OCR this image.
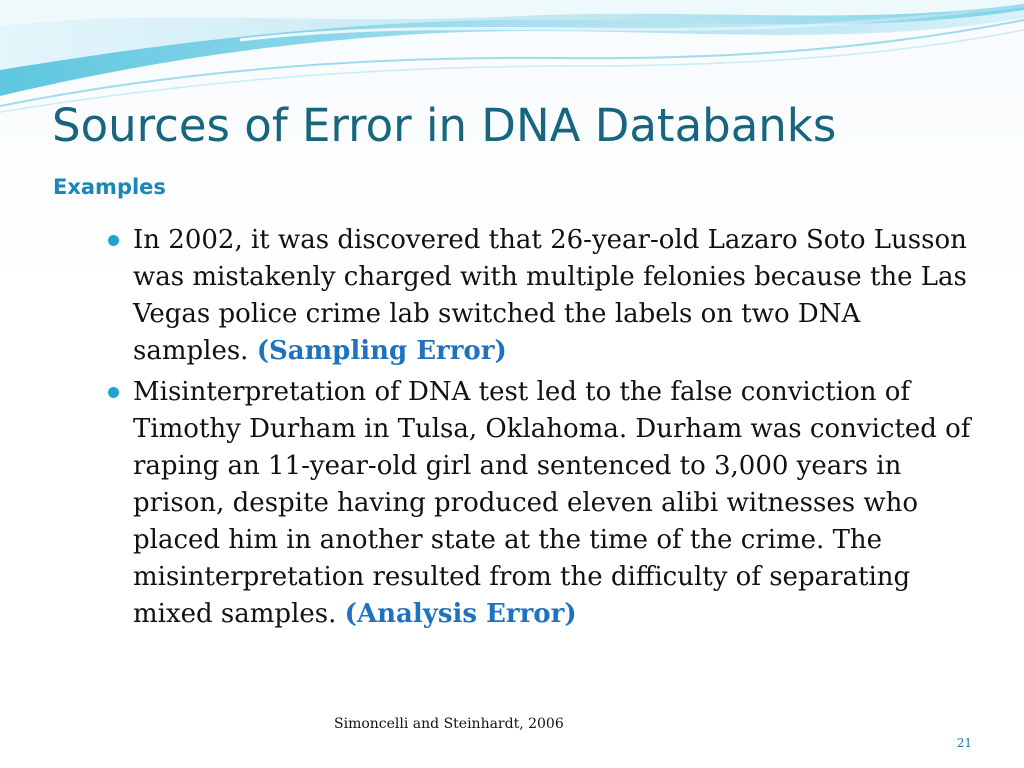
Sources of Error in DNA Databanks
Examples
In 2002, it was discovered that 26-year-old Lazaro Soto Lusson was mistakenly charged with multiple felonies because the Las Vegas police crime lab switched the labels on two DNA samples. (Sampling Error)
Misinterpretation of DNA test led to the false conviction of Timothy Durham in Tulsa, Oklahoma. Durham was convicted of raping an 11-year-old girl and sentenced to 3,000 years in prison, despite having produced eleven alibi witnesses who placed him in another state at the time of the crime. The misinterpretation resulted from the difficulty of separating mixed samples. (Analysis Error)
Simoncelli and Steinhardt, 2006
21
